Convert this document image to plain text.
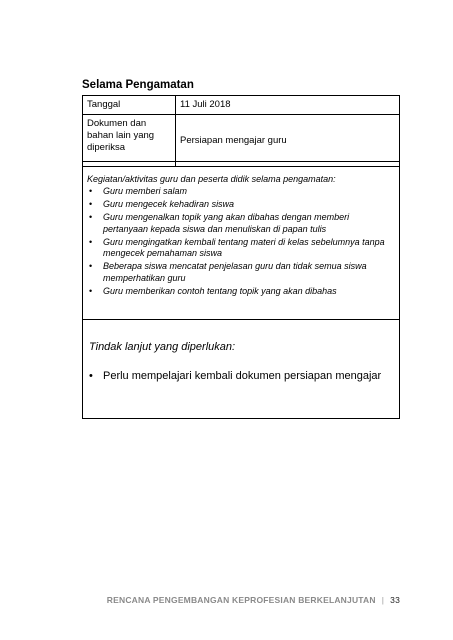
Selama Pengamatan
Tanggal	11 Juli 2018
Dokumen dan bahan lain yang diperiksa
Persiapan mengajar guru
Kegiatan/aktivitas guru dan peserta didik selama pengamatan:
• Guru memberi salam
• Guru mengecek kehadiran siswa
• Guru mengenalkan topik yang akan dibahas dengan memberi pertanyaan kepada siswa dan menuliskan di papan tulis
• Guru mengingatkan kembali tentang materi di kelas sebelumnya tanpa mengecek pemahaman siswa
• Beberapa siswa mencatat penjelasan guru dan tidak semua siswa memperhatikan guru
• Guru memberikan contoh tentang topik yang akan dibahas
Tindak lanjut yang diperlukan:
• Perlu mempelajari kembali dokumen persiapan mengajar
RENCANA PENGEMBANGAN KEPROFESIAN BERKELANJUTAN | 33
